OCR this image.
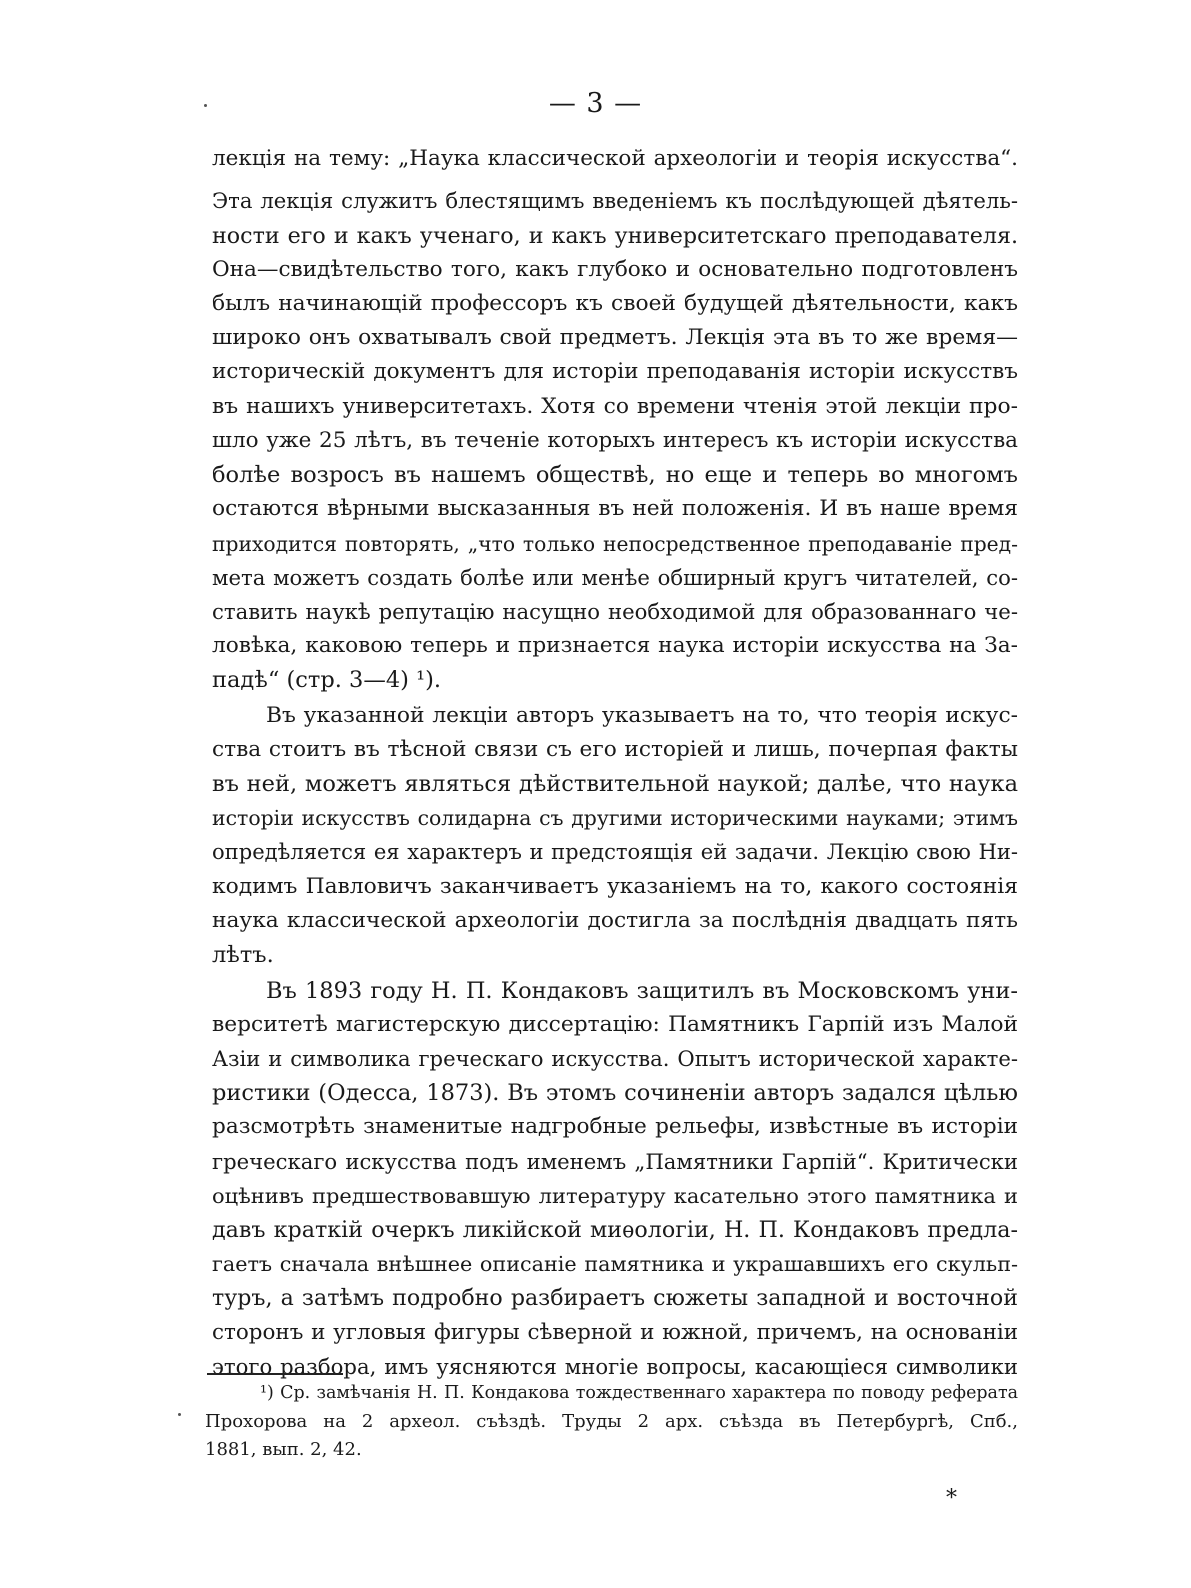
— 3 —
лекція на тему: „Наука классической археологіи и теорія искусства“.
Эта лекція служитъ блестящимъ введеніемъ къ послѣдующей дѣятель-
ности его и какъ ученаго, и какъ университетскаго преподавателя.
Она—свидѣтельство того, какъ глубоко и основательно подготовленъ
былъ начинающій профессоръ къ своей будущей дѣятельности, какъ
широко онъ охватывалъ свой предметъ. Лекція эта въ то же время—
историческій документъ для исторіи преподаванія исторіи искусствъ
въ нашихъ университетахъ. Хотя со времени чтенія этой лекціи про-
шло уже 25 лѣтъ, въ теченіе которыхъ интересъ къ исторіи искусства
болѣе возросъ въ нашемъ обществѣ, но еще и теперь во многомъ
остаются вѣрными высказанныя въ ней положенія. И въ наше время
приходится повторять, „что только непосредственное преподаваніе пред-
мета можетъ создать болѣе или менѣе обширный кругъ читателей, со-
ставить наукѣ репутацію насущно необходимой для образованнаго че-
ловѣка, каковою теперь и признается наука исторіи искусства на За-
падѣ“ (стр. 3—4) ¹).
Въ указанной лекціи авторъ указываетъ на то, что теорія искус-
ства стоитъ въ тѣсной связи съ его исторіей и лишь, почерпая факты
въ ней, можетъ являться дѣйствительной наукой; далѣе, что наука
исторіи искусствъ солидарна съ другими историческими науками; этимъ
опредѣляется ея характеръ и предстоящія ей задачи. Лекцію свою Ни-
кодимъ Павловичъ заканчиваетъ указаніемъ на то, какого состоянія
наука классической археологіи достигла за послѣднія двадцать пять
лѣтъ.
Въ 1893 году Н. П. Кондаковъ защитилъ въ Московскомъ уни-
верситетѣ магистерскую диссертацію: Памятникъ Гарпій изъ Малой
Азіи и символика греческаго искусства. Опытъ исторической характе-
ристики (Одесса, 1873). Въ этомъ сочиненіи авторъ задался цѣлью
разсмотрѣть знаменитые надгробные рельефы, извѣстные въ исторіи
греческаго искусства подъ именемъ „Памятники Гарпій“. Критически
оцѣнивъ предшествовавшую литературу касательно этого памятника и
давъ краткій очеркъ ликійской миѳологіи, Н. П. Кондаковъ предла-
гаетъ сначала внѣшнее описаніе памятника и украшавшихъ его скульп-
туръ, а затѣмъ подробно разбираетъ сюжеты западной и восточной
сторонъ и угловыя фигуры сѣверной и южной, причемъ, на основаніи
этого разбора, имъ уясняются многіе вопросы, касающіеся символики
¹) Ср. замѣчанія Н. П. Кондакова тождественнаго характера по поводу реферата
Прохорова на 2 археол. съѣздѣ. Труды 2 арх. съѣзда въ Петербургѣ, Спб.,
1881, вып. 2, 42.
*
